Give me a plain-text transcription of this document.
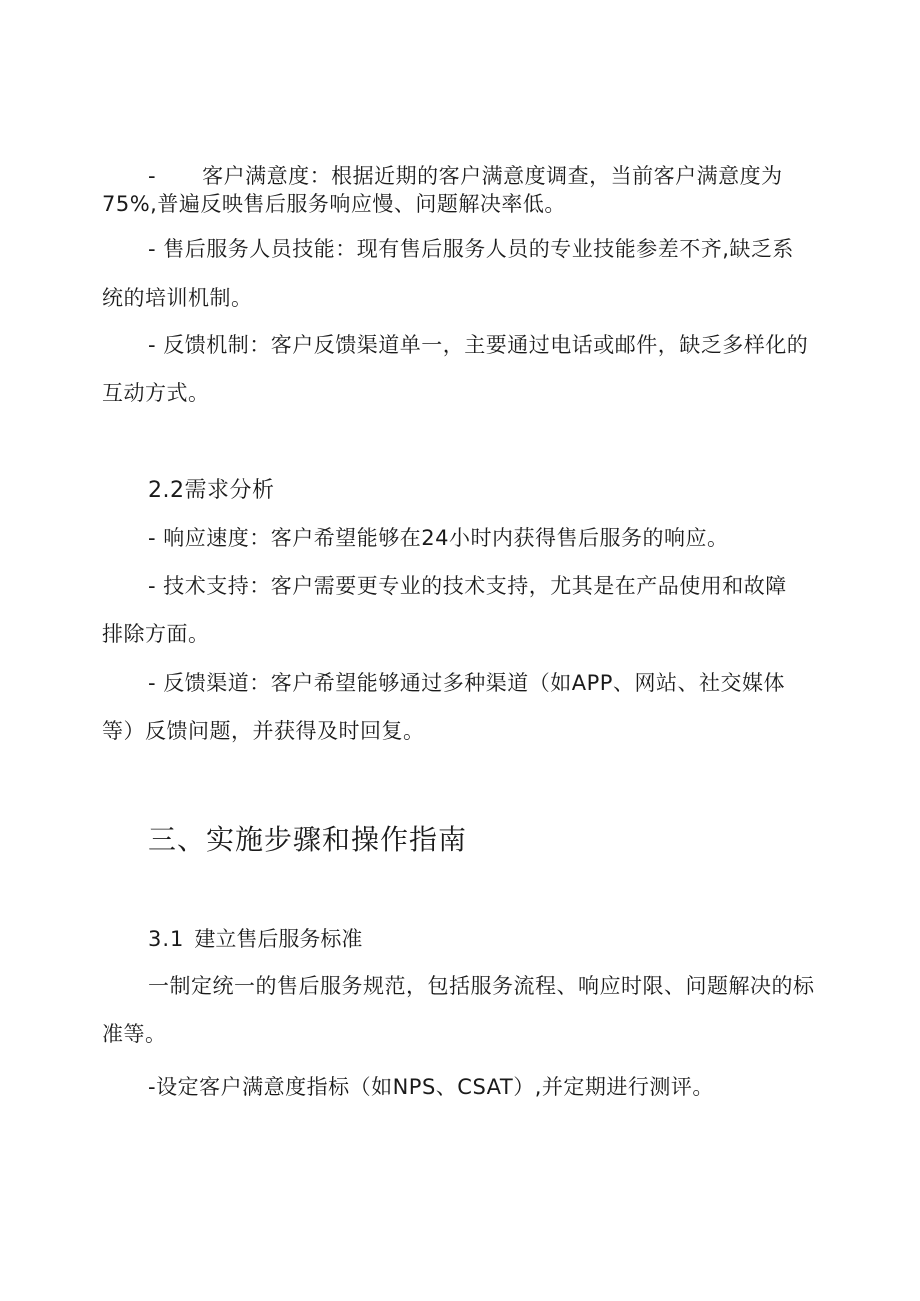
- 客户满意度：根据近期的客户满意度调查，当前客户满意度为
75%,普遍反映售后服务响应慢、问题解决率低。
- 售后服务人员技能：现有售后服务人员的专业技能参差不齐,缺乏系
统的培训机制。
- 反馈机制：客户反馈渠道单一，主要通过电话或邮件，缺乏多样化的
互动方式。
2.2需求分析
- 响应速度：客户希望能够在24小时内获得售后服务的响应。
- 技术支持：客户需要更专业的技术支持，尤其是在产品使用和故障
排除方面。
- 反馈渠道：客户希望能够通过多种渠道（如APP、网站、社交媒体
等）反馈问题，并获得及时回复。
三、实施步骤和操作指南
3.1 建立售后服务标准
一制定统一的售后服务规范，包括服务流程、响应时限、问题解决的标
准等。
-设定客户满意度指标（如NPS、CSAT）,并定期进行测评。
